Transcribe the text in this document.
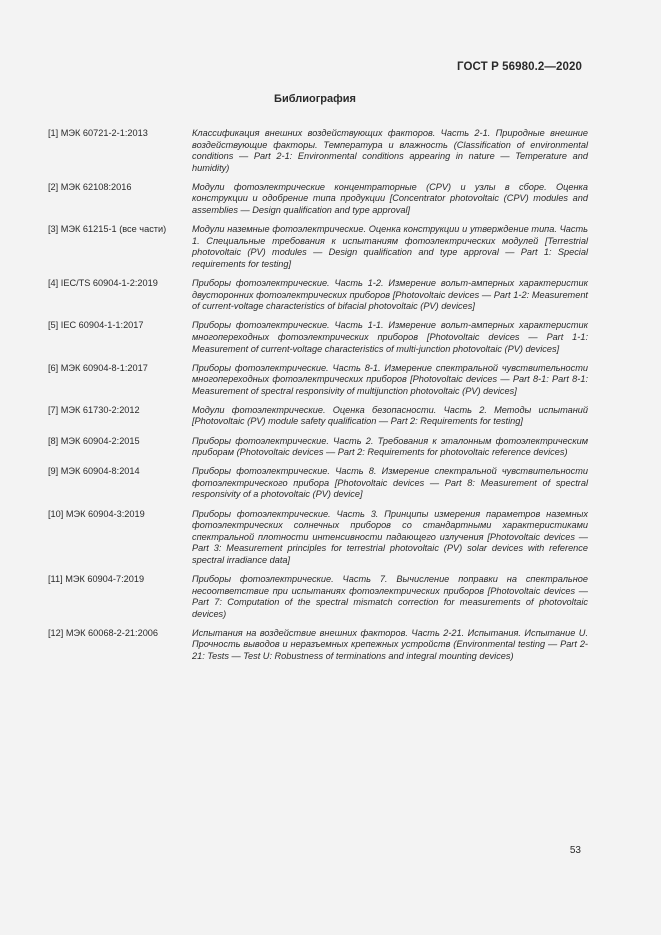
ГОСТ Р 56980.2—2020
Библиография
[1] МЭК 60721-2-1:2013	Классификация внешних воздействующих факторов. Часть 2-1. Природные внешние воздействующие факторы. Температура и влажность (Classification of environmental conditions — Part 2-1: Environmental conditions appearing in nature — Temperature and humidity)
[2] МЭК 62108:2016	Модули фотоэлектрические концентраторные (CPV) и узлы в сборе. Оценка конструкции и одобрение типа продукции [Concentrator photovoltaic (CPV) modules and assemblies — Design qualification and type approval]
[3] МЭК 61215-1 (все части)	Модули наземные фотоэлектрические. Оценка конструкции и утверждение типа. Часть 1. Специальные требования к испытаниям фотоэлектрических модулей [Terrestrial photovoltaic (PV) modules — Design qualification and type approval — Part 1: Special requirements for testing]
[4] IEC/TS 60904-1-2:2019	Приборы фотоэлектрические. Часть 1-2. Измерение вольт-амперных характеристик двусторонних фотоэлектрических приборов [Photovoltaic devices — Part 1-2: Measurement of current-voltage characteristics of bifacial photovoltaic (PV) devices]
[5] IEC 60904-1-1:2017	Приборы фотоэлектрические. Часть 1-1. Измерение вольт-амперных характеристик многопереходных фотоэлектрических приборов [Photovoltaic devices — Part 1-1: Measurement of current-voltage characteristics of multi-junction photovoltaic (PV) devices]
[6] МЭК 60904-8-1:2017	Приборы фотоэлектрические. Часть 8-1. Измерение спектральной чувствительности многопереходных фотоэлектрических приборов [Photovoltaic devices — Part 8-1: Part 8-1: Measurement of spectral responsivity of multijunction photovoltaic (PV) devices]
[7] МЭК 61730-2:2012	Модули фотоэлектрические. Оценка безопасности. Часть 2. Методы испытаний [Photovoltaic (PV) module safety qualification — Part 2: Requirements for testing]
[8] МЭК 60904-2:2015	Приборы фотоэлектрические. Часть 2. Требования к эталонным фотоэлектрическим приборам (Photovoltaic devices — Part 2: Requirements for photovoltaic reference devices)
[9] МЭК 60904-8:2014	Приборы фотоэлектрические. Часть 8. Измерение спектральной чувствительности фотоэлектрического прибора [Photovoltaic devices — Part 8: Measurement of spectral responsivity of a photovoltaic (PV) device]
[10] МЭК 60904-3:2019	Приборы фотоэлектрические. Часть 3. Принципы измерения параметров наземных фотоэлектрических солнечных приборов со стандартными характеристиками спектральной плотности интенсивности падающего излучения [Photovoltaic devices — Part 3: Measurement principles for terrestrial photovoltaic (PV) solar devices with reference spectral irradiance data]
[11] МЭК 60904-7:2019	Приборы фотоэлектрические. Часть 7. Вычисление поправки на спектральное несоответствие при испытаниях фотоэлектрических приборов [Photovoltaic devices — Part 7: Computation of the spectral mismatch correction for measurements of photovoltaic devices)
[12] МЭК 60068-2-21:2006	Испытания на воздействие внешних факторов. Часть 2-21. Испытания. Испытание U. Прочность выводов и неразъемных крепежных устройств (Environmental testing — Part 2-21: Tests — Test U: Robustness of terminations and integral mounting devices)
53
